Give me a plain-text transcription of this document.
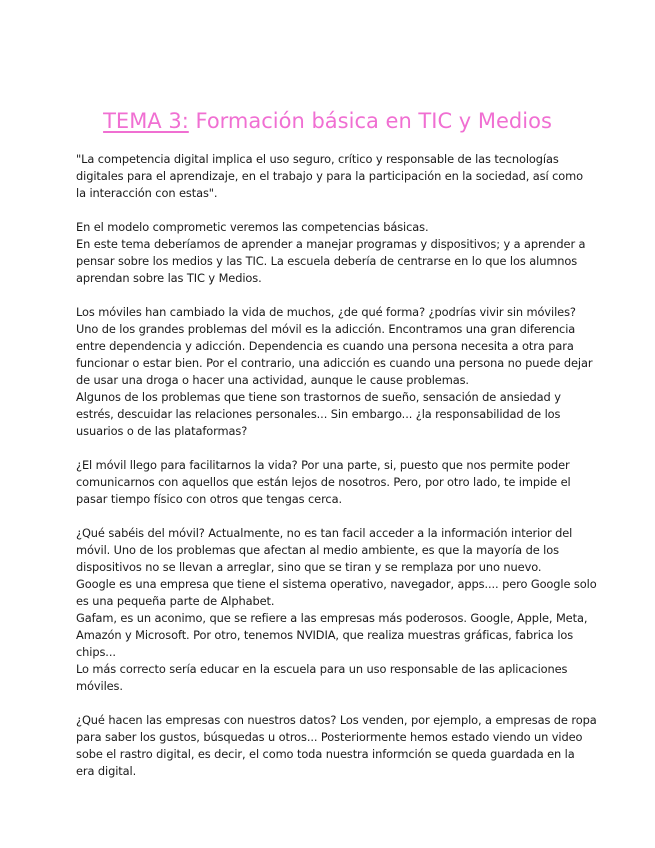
TEMA 3: Formación básica en TIC y Medios
"La competencia digital implica el uso seguro, crítico y responsable de las tecnologías
digitales para el aprendizaje, en el trabajo y para la participación en la sociedad, así como
la interacción con estas".
En el modelo comprometic veremos las competencias básicas.
En este tema deberíamos de aprender a manejar programas y dispositivos; y a aprender a
pensar sobre los medios y las TIC. La escuela debería de centrarse en lo que los alumnos
aprendan sobre las TIC y Medios.
Los móviles han cambiado la vida de muchos, ¿de qué forma? ¿podrías vivir sin móviles?
Uno de los grandes problemas del móvil es la adicción. Encontramos una gran diferencia
entre dependencia y adicción. Dependencia es cuando una persona necesita a otra para
funcionar o estar bien. Por el contrario, una adicción es cuando una persona no puede dejar
de usar una droga o hacer una actividad, aunque le cause problemas.
Algunos de los problemas que tiene son trastornos de sueño, sensación de ansiedad y
estrés, descuidar las relaciones personales... Sin embargo... ¿la responsabilidad de los
usuarios o de las plataformas?
¿El móvil llego para facilitarnos la vida? Por una parte, si, puesto que nos permite poder
comunicarnos con aquellos que están lejos de nosotros. Pero, por otro lado, te impide el
pasar tiempo físico con otros que tengas cerca.
¿Qué sabéis del móvil? Actualmente, no es tan facil acceder a la información interior del
móvil. Uno de los problemas que afectan al medio ambiente, es que la mayoría de los
dispositivos no se llevan a arreglar, sino que se tiran y se remplaza por uno nuevo.
Google es una empresa que tiene el sistema operativo, navegador, apps.... pero Google solo
es una pequeña parte de Alphabet.
Gafam, es un aconimo, que se refiere a las empresas más poderosos. Google, Apple, Meta,
Amazón y Microsoft. Por otro, tenemos NVIDIA, que realiza muestras gráficas, fabrica los
chips...
Lo más correcto sería educar en la escuela para un uso responsable de las aplicaciones
móviles.
¿Qué hacen las empresas con nuestros datos? Los venden, por ejemplo, a empresas de ropa
para saber los gustos, búsquedas u otros... Posteriormente hemos estado viendo un video
sobe el rastro digital, es decir, el como toda nuestra informción se queda guardada en la
era digital.
